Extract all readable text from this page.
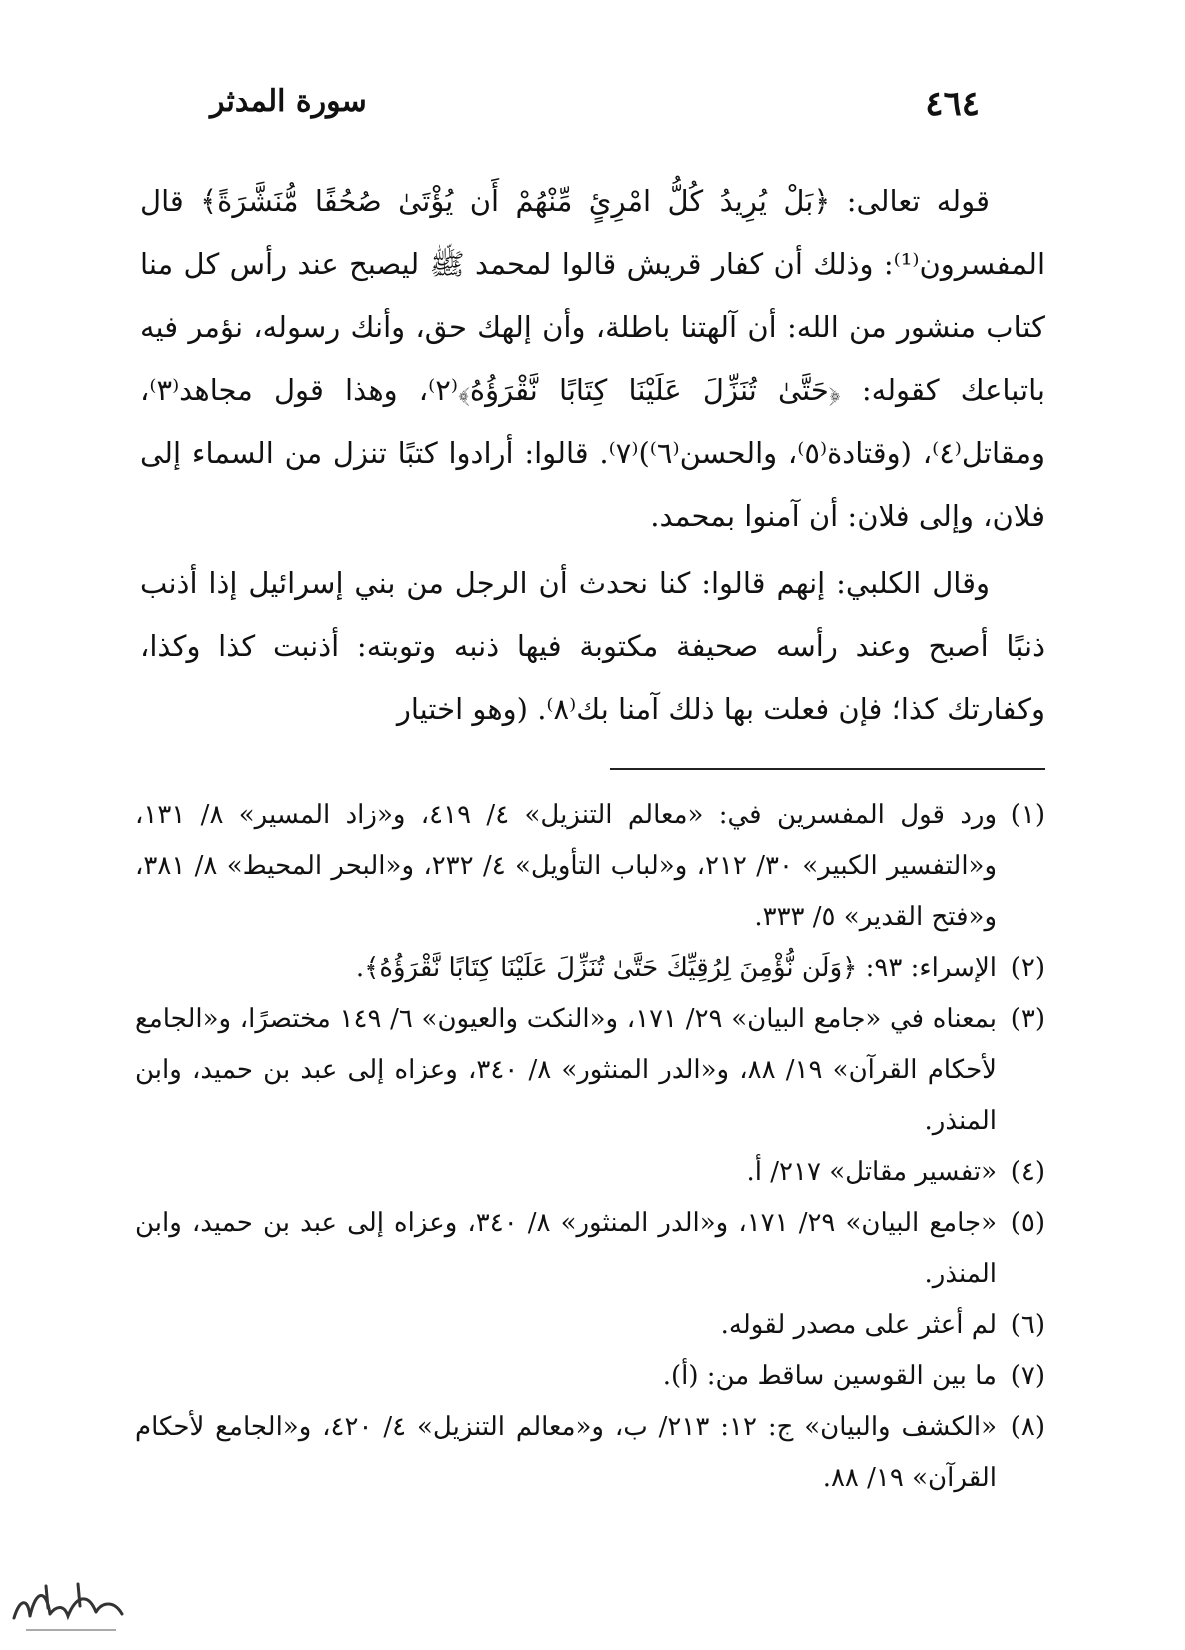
٤٦٤
سورة المدثر

قوله تعالى: ﴿بَلْ يُرِيدُ كُلُّ امْرِئٍ مِّنْهُمْ أَن يُؤْتَىٰ صُحُفًا مُّنَشَّرَةً﴾ قال المفسرون⁽¹⁾: وذلك أن كفار قريش قالوا لمحمد ﷺ ليصبح عند رأس كل منا كتاب منشور من الله: أن آلهتنا باطلة، وأن إلهك حق، وأنك رسوله، نؤمر فيه باتباعك كقوله: ﴿حَتَّىٰ تُنَزِّلَ عَلَيْنَا كِتَابًا نَّقْرَؤُهُ﴾⁽٢⁾، وهذا قول مجاهد⁽٣⁾، ومقاتل⁽٤⁾، (وقتادة⁽٥⁾، والحسن⁽٦⁾)⁽٧⁾. قالوا: أرادوا كتبًا تنزل من السماء إلى فلان، وإلى فلان: أن آمنوا بمحمد.

وقال الكلبي: إنهم قالوا: كنا نحدث أن الرجل من بني إسرائيل إذا أذنب ذنبًا أصبح وعند رأسه صحيفة مكتوبة فيها ذنبه وتوبته: أذنبت كذا وكذا، وكفارتك كذا؛ فإن فعلت بها ذلك آمنا بك⁽٨⁾. (وهو اختيار

(١)
ورد قول المفسرين في: «معالم التنزيل» ٤/ ٤١٩، و«زاد المسير» ٨/ ١٣١، و«التفسير الكبير» ٣٠/ ٢١٢، و«لباب التأويل» ٤/ ٢٣٢، و«البحر المحيط» ٨/ ٣٨١، و«فتح القدير» ٥/ ٣٣٣.
(٢)
الإسراء: ٩٣: ﴿وَلَن نُّؤْمِنَ لِرُقِيِّكَ حَتَّىٰ تُنَزِّلَ عَلَيْنَا كِتَابًا نَّقْرَؤُهُ﴾.
(٣)
بمعناه في «جامع البيان» ٢٩/ ١٧١، و«النكت والعيون» ٦/ ١٤٩ مختصرًا، و«الجامع لأحكام القرآن» ١٩/ ٨٨، و«الدر المنثور» ٨/ ٣٤٠، وعزاه إلى عبد بن حميد، وابن المنذر.
(٤)
«تفسير مقاتل» ٢١٧/ أ.
(٥)
«جامع البيان» ٢٩/ ١٧١، و«الدر المنثور» ٨/ ٣٤٠، وعزاه إلى عبد بن حميد، وابن المنذر.
(٦)
لم أعثر على مصدر لقوله.
(٧)
ما بين القوسين ساقط من: (أ).
(٨)
«الكشف والبيان» ج: ١٢: ٢١٣/ ب، و«معالم التنزيل» ٤/ ٤٢٠، و«الجامع لأحكام القرآن» ١٩/ ٨٨.
